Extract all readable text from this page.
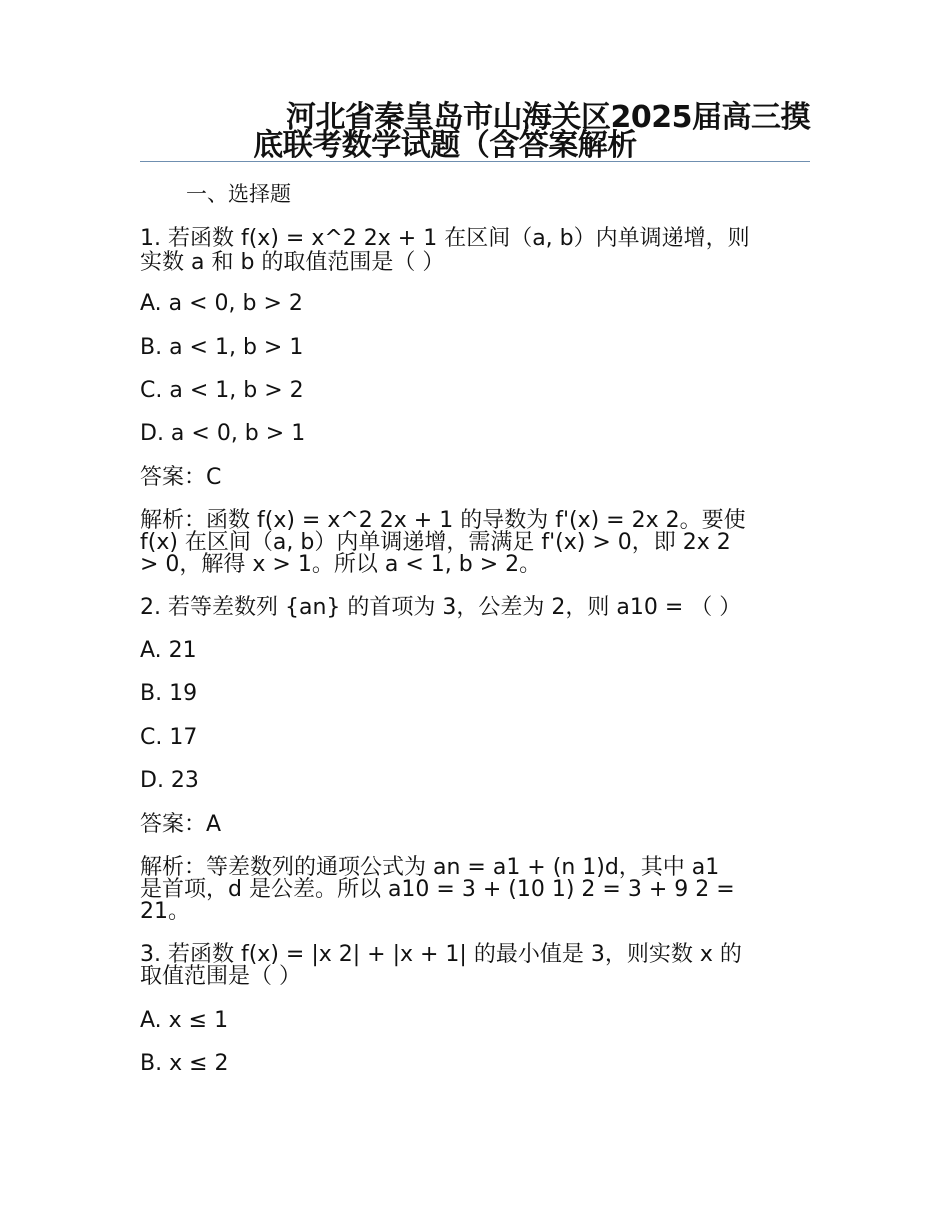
河北省秦皇岛市山海关区2025届高三摸
底联考数学试题（含答案解析
一、选择题
1. 若函数 f(x) = x^2 2x + 1 在区间（a, b）内单调递增，则
实数 a 和 b 的取值范围是（ ）
A. a < 0, b > 2
B. a < 1, b > 1
C. a < 1, b > 2
D. a < 0, b > 1
答案：C
解析：函数 f(x) = x^2 2x + 1 的导数为 f'(x) = 2x 2。要使
f(x) 在区间（a, b）内单调递增，需满足 f'(x) > 0，即 2x 2
> 0，解得 x > 1。所以 a < 1, b > 2。
2. 若等差数列 {an} 的首项为 3，公差为 2，则 a10 = （ ）
A. 21
B. 19
C. 17
D. 23
答案：A
解析：等差数列的通项公式为 an = a1 + (n 1)d，其中 a1
是首项，d 是公差。所以 a10 = 3 + (10 1) 2 = 3 + 9 2 =
21。
3. 若函数 f(x) = |x 2| + |x + 1| 的最小值是 3，则实数 x 的
取值范围是（ ）
A. x ≤ 1
B. x ≤ 2
